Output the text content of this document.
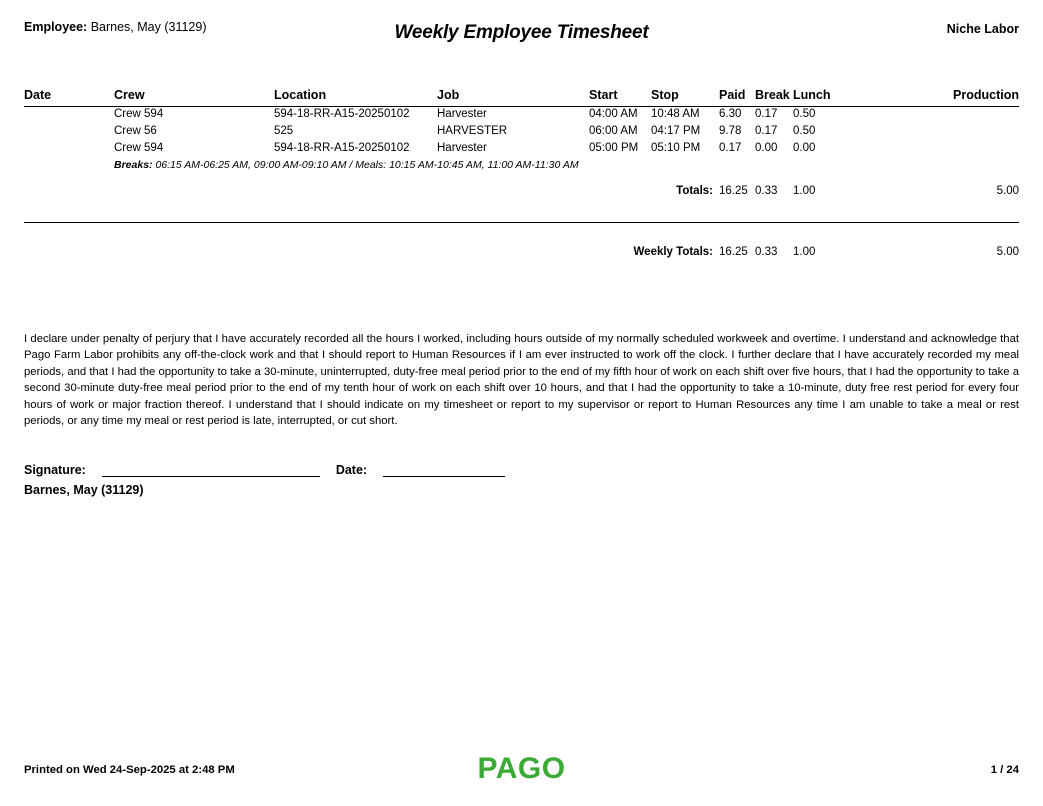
Employee: Barnes, May (31129)	Weekly Employee Timesheet	Niche Labor
Date	Crew	Location	Job	Start	Stop	Paid	Break	Lunch	Production

	Crew 594	594-18-RR-A15-20250102	Harvester	04:00 AM	10:48 AM	6.30	0.17	0.50	
	Crew 56	525	HARVESTER	06:00 AM	04:17 PM	9.78	0.17	0.50	
	Crew 594	594-18-RR-A15-20250102	Harvester	05:00 PM	05:10 PM	0.17	0.00	0.00	
	Breaks: 06:15 AM-06:25 AM, 09:00 AM-09:10 AM / Meals: 10:15 AM-10:45 AM, 11:00 AM-11:30 AM								

Totals:						16.25	0.33	1.00	5.00

Weekly Totals:						16.25	0.33	1.00	5.00
I declare under penalty of perjury that I have accurately recorded all the hours I worked, including hours outside of my normally scheduled workweek and overtime. I understand and acknowledge that Pago Farm Labor prohibits any off-the-clock work and that I should report to Human Resources if I am ever instructed to work off the clock. I further declare that I have accurately recorded my meal periods, and that I had the opportunity to take a 30-minute, uninterrupted, duty-free meal period prior to the end of my fifth hour of work on each shift over five hours, that I had the opportunity to take a second 30-minute duty-free meal period prior to the end of my tenth hour of work on each shift over 10 hours, and that I had the opportunity to take a 10-minute, duty free rest period for every four hours of work or major fraction thereof. I understand that I should indicate on my timesheet or report to my supervisor or report to Human Resources any time I am unable to take a meal or rest periods, or any time my meal or rest period is late, interrupted, or cut short.
Signature:	Date:
Barnes, May (31129)
Printed on Wed 24-Sep-2025 at 2:48 PM	PAGO	1 / 24
